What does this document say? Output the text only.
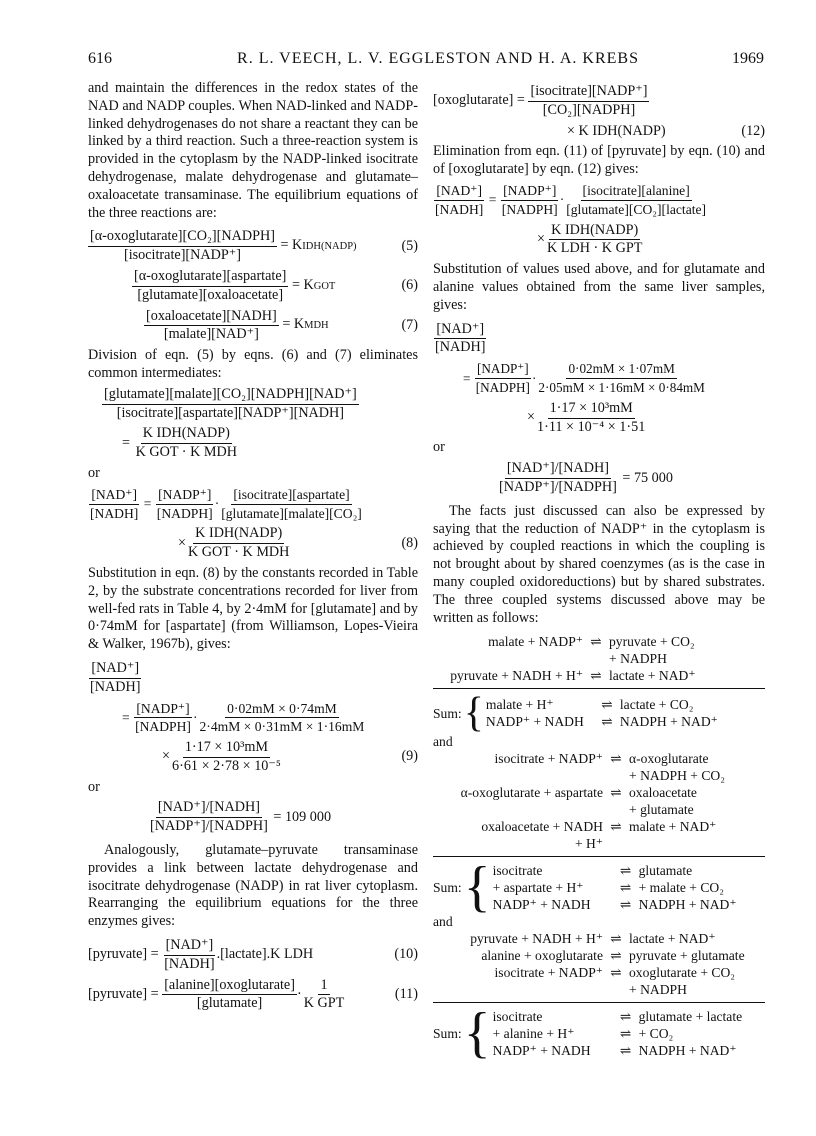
616	R. L. VEECH, L. V. EGGLESTON AND H. A. KREBS	1969

and maintain the differences in the redox states of the NAD and NADP couples. When NAD-linked and NADP-linked dehydrogenases do not share a reactant they can be linked by a third reaction. Such a three-reaction system is provided in the cytoplasm by the NADP-linked isocitrate dehydrogenase, malate dehydrogenase and glutamate–oxaloacetate transaminase. The equilibrium equations of the three reactions are:

$\frac{\text{[α-oxoglutarate][CO₂][NADPH]}}{\text{[isocitrate][NADP⁺]}}$ = KIDH(NADP)	(5)
$\frac{\text{[α-oxoglutarate][aspartate]}}{\text{[glutamate][oxaloacetate]}}$ = KGOT	(6)
$\frac{\text{[oxaloacetate][NADH]}}{\text{[malate][NAD⁺]}}$ = KMDH	(7)

Division of eqn. (5) by eqns. (6) and (7) eliminates common intermediates:

$\frac{\text{[glutamate][malate][CO₂][NADPH][NAD⁺]}}{\text{[isocitrate][aspartate][NADP⁺][NADH]}}$
= $\frac{\text{K IDH(NADP)}}{\text{K GOT · K MDH}}$
or
$\frac{\text{[NAD⁺]}}{\text{[NADH]}} = \frac{\text{[NADP⁺]}}{\text{[NADPH]}} \cdot \frac{\text{[isocitrate][aspartate]}}{\text{[glutamate][malate][CO₂]}}$
× $\frac{\text{K IDH(NADP)}}{\text{K GOT · K MDH}}$	(8)

Substitution in eqn. (8) by the constants recorded in Table 2, by the substrate concentrations recorded for liver from well-fed rats in Table 4, by 2·4mM for [glutamate] and by 0·74mM for [aspartate] (from Williamson, Lopes-Vieira & Walker, 1967b), gives:

$\frac{\text{[NAD⁺]}}{\text{[NADH]}}$
= $\frac{\text{[NADP⁺]}}{\text{[NADPH]}} \cdot \frac{0\cdot 02mM \times 0\cdot 74mM}{2\cdot 4mM \times 0\cdot 31mM \times 1\cdot 16mM}$
× $\frac{\text{1·17 × 10³mM}}{\text{6·61 × 2·78 × 10⁻⁵}}$	(9)
or
$\frac{\text{[NAD⁺]/[NADH]}}{\text{[NADP⁺]/[NADPH]}}$
= 109 000

Analogously, glutamate–pyruvate transaminase provides a link between lactate dehydrogenase and isocitrate dehydrogenase (NADP) in rat liver cytoplasm. Rearranging the equilibrium equations for the three enzymes gives:

[pyruvate] =
$\frac{\text{[NAD⁺]}}{\text{[NADH]}}$ .[lactate].K LDH	(10)
[pyruvate] =
$\frac{\text{[alanine][oxoglutarate]}}{\text{[glutamate]}} \cdot \frac{1}{\text{K GPT}}$	(11)
[oxoglutarate] =
$\frac{\text{[isocitrate][NADP⁺]}}{\text{[CO₂][NADPH]}}$
× K IDH(NADP)	(12)

Elimination from eqn. (11) of [pyruvate] by eqn. (10) and of [oxoglutarate] by eqn. (12) gives:

$\frac{\text{[NAD⁺]}}{\text{[NADH]}} = \frac{\text{[NADP⁺]}}{\text{[NADPH]}} \cdot \frac{\text{[isocitrate][alanine]}}{\text{[glutamate][CO₂][lactate]}}$
× $\frac{\text{K IDH(NADP)}}{\text{K LDH · K GPT}}$

Substitution of values used above, and for glutamate and alanine values obtained from the same liver samples, gives:

$\frac{\text{[NAD⁺]}}{\text{[NADH]}}$
= $\frac{\text{[NADP⁺]}}{\text{[NADPH]}} \cdot \frac{0\cdot 02mM \times 1\cdot 07mM}{2\cdot 05mM \times 1\cdot 16mM \times 0\cdot 84mM}$
× $\frac{\text{1·17 × 10³mM}}{\text{1·11 × 10⁻⁴ × 1·51}}$
or
$\frac{\text{[NAD⁺]/[NADH]}}{\text{[NADP⁺]/[NADPH]}}$
= 75 000

The facts just discussed can also be expressed by saying that the reduction of NADP⁺ in the cytoplasm is achieved by coupled reactions in which the coupling is not brought about by shared coenzymes (as is the case in many coupled oxidoreductions) but by shared substrates. The three coupled systems discussed above may be written as follows:

malate + NADP⁺ ⇌ pyruvate + CO₂
+ NADPH
pyruvate + NADH + H⁺ ⇌ lactate + NAD⁺
Sum: { malate + H⁺	⇌ lactate + CO₂
NADP⁺ + NADH	⇌ NADPH + NAD⁺
and
isocitrate + NADP⁺ ⇌ α-oxoglutarate
+ NADPH + CO₂
α-oxoglutarate + aspartate ⇌ oxaloacetate
+ glutamate
oxaloacetate + NADH ⇌ malate + NAD⁺
+ H⁺
Sum: { isocitrate	⇌ glutamate
+ aspartate + H⁺	⇌ + malate + CO₂
NADP⁺ + NADH	⇌ NADPH + NAD⁺
and
pyruvate + NADH + H⁺ ⇌ lactate + NAD⁺
alanine + oxoglutarate ⇌ pyruvate + glutamate
isocitrate + NADP⁺ ⇌ oxoglutarate + CO₂
+ NADPH
Sum: { isocitrate	⇌ glutamate + lactate
+ alanine + H⁺	⇌ + CO₂
NADP⁺ + NADH	⇌ NADPH + NAD⁺
